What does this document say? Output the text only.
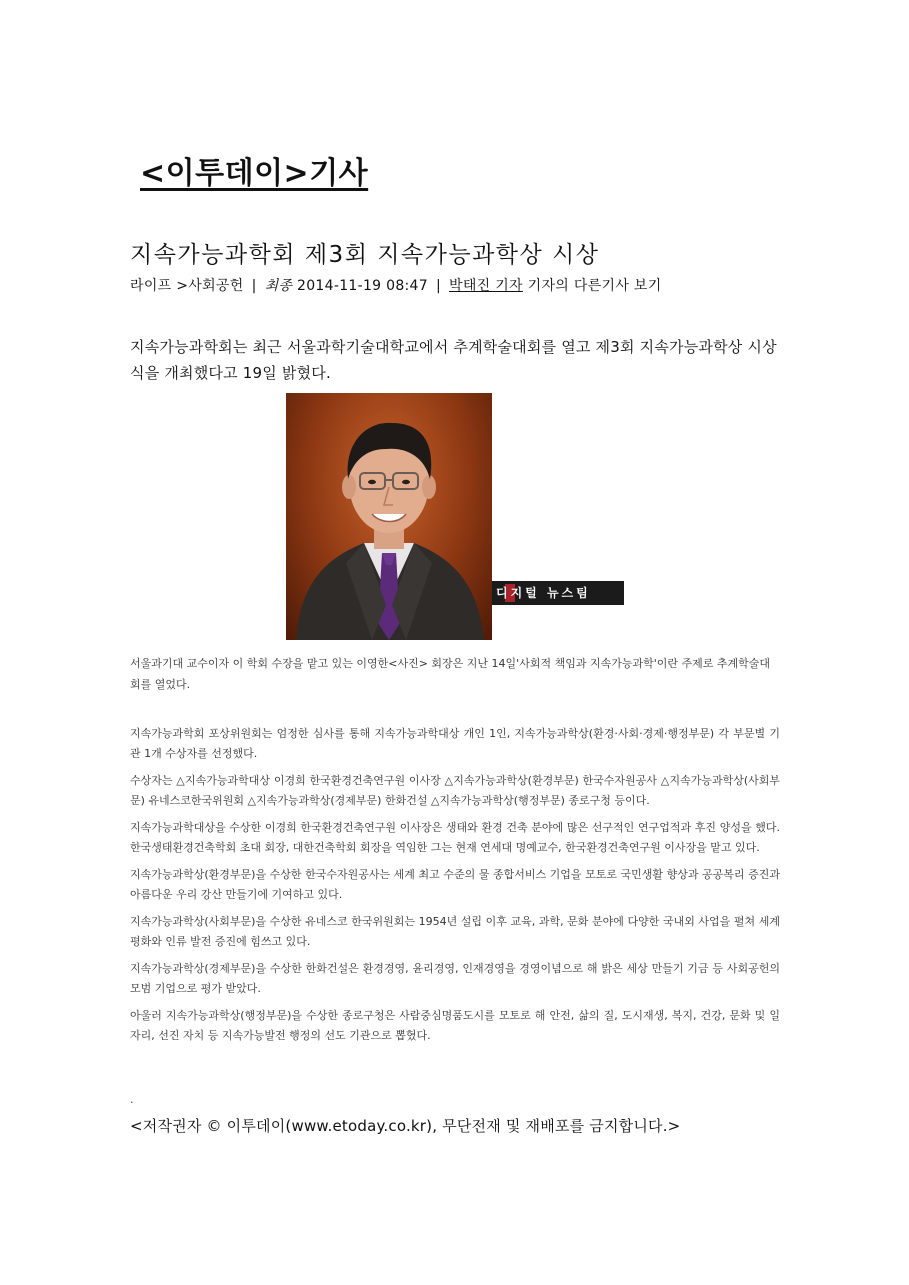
<이투데이>기사
지속가능과학회 제3회 지속가능과학상 시상
라이프 >사회공헌 | 최종 2014-11-19 08:47 | 박태진 기자 기자의 다른기사 보기
지속가능과학회는 최근 서울과학기술대학교에서 추계학술대회를 열고 제3회 지속가능과학상 시상식을 개최했다고 19일 밝혔다.
디지털 뉴스팀
서울과기대 교수이자 이 학회 수장을 맡고 있는 이영한<사진> 회장은 지난 14일'사회적 책임과 지속가능과학'이란 주제로 추계학술대회를 열었다.

지속가능과학회 포상위원회는 엄정한 심사를 통해 지속가능과학대상 개인 1인, 지속가능과학상(환경·사회·경제·행정부문) 각 부문별 기관 1개 수상자를 선정했다.

수상자는 △지속가능과학대상 이경희 한국환경건축연구원 이사장 △지속가능과학상(환경부문) 한국수자원공사 △지속가능과학상(사회부문) 유네스코한국위원회 △지속가능과학상(경제부문) 한화건설 △지속가능과학상(행정부문) 종로구청 등이다.

지속가능과학대상을 수상한 이경희 한국환경건축연구원 이사장은 생태와 환경 건축 분야에 많은 선구적인 연구업적과 후진 양성을 했다. 한국생태환경건축학회 초대 회장, 대한건축학회 회장을 역임한 그는 현재 연세대 명예교수, 한국환경건축연구원 이사장을 맡고 있다.

지속가능과학상(환경부문)을 수상한 한국수자원공사는 세계 최고 수준의 물 종합서비스 기업을 모토로 국민생활 향상과 공공복리 증진과 아름다운 우리 강산 만들기에 기여하고 있다.

지속가능과학상(사회부문)을 수상한 유네스코 한국위원회는 1954년 설립 이후 교육, 과학, 문화 분야에 다양한 국내외 사업을 펼쳐 세계 평화와 인류 발전 증진에 힘쓰고 있다.

지속가능과학상(경제부문)을 수상한 한화건설은 환경경영, 윤리경영, 인재경영을 경영이념으로 해 밝은 세상 만들기 기금 등 사회공헌의 모범 기업으로 평가 받았다.

아울러 지속가능과학상(행정부문)을 수상한 종로구청은 사람중심명품도시를 모토로 해 안전, 삶의 질, 도시재생, 복지, 건강, 문화 및 일자리, 선진 자치 등 지속가능발전 행정의 선도 기관으로 뽑혔다.

.
<저작권자 © 이투데이(www.etoday.co.kr), 무단전재 및 재배포를 금지합니다.>
